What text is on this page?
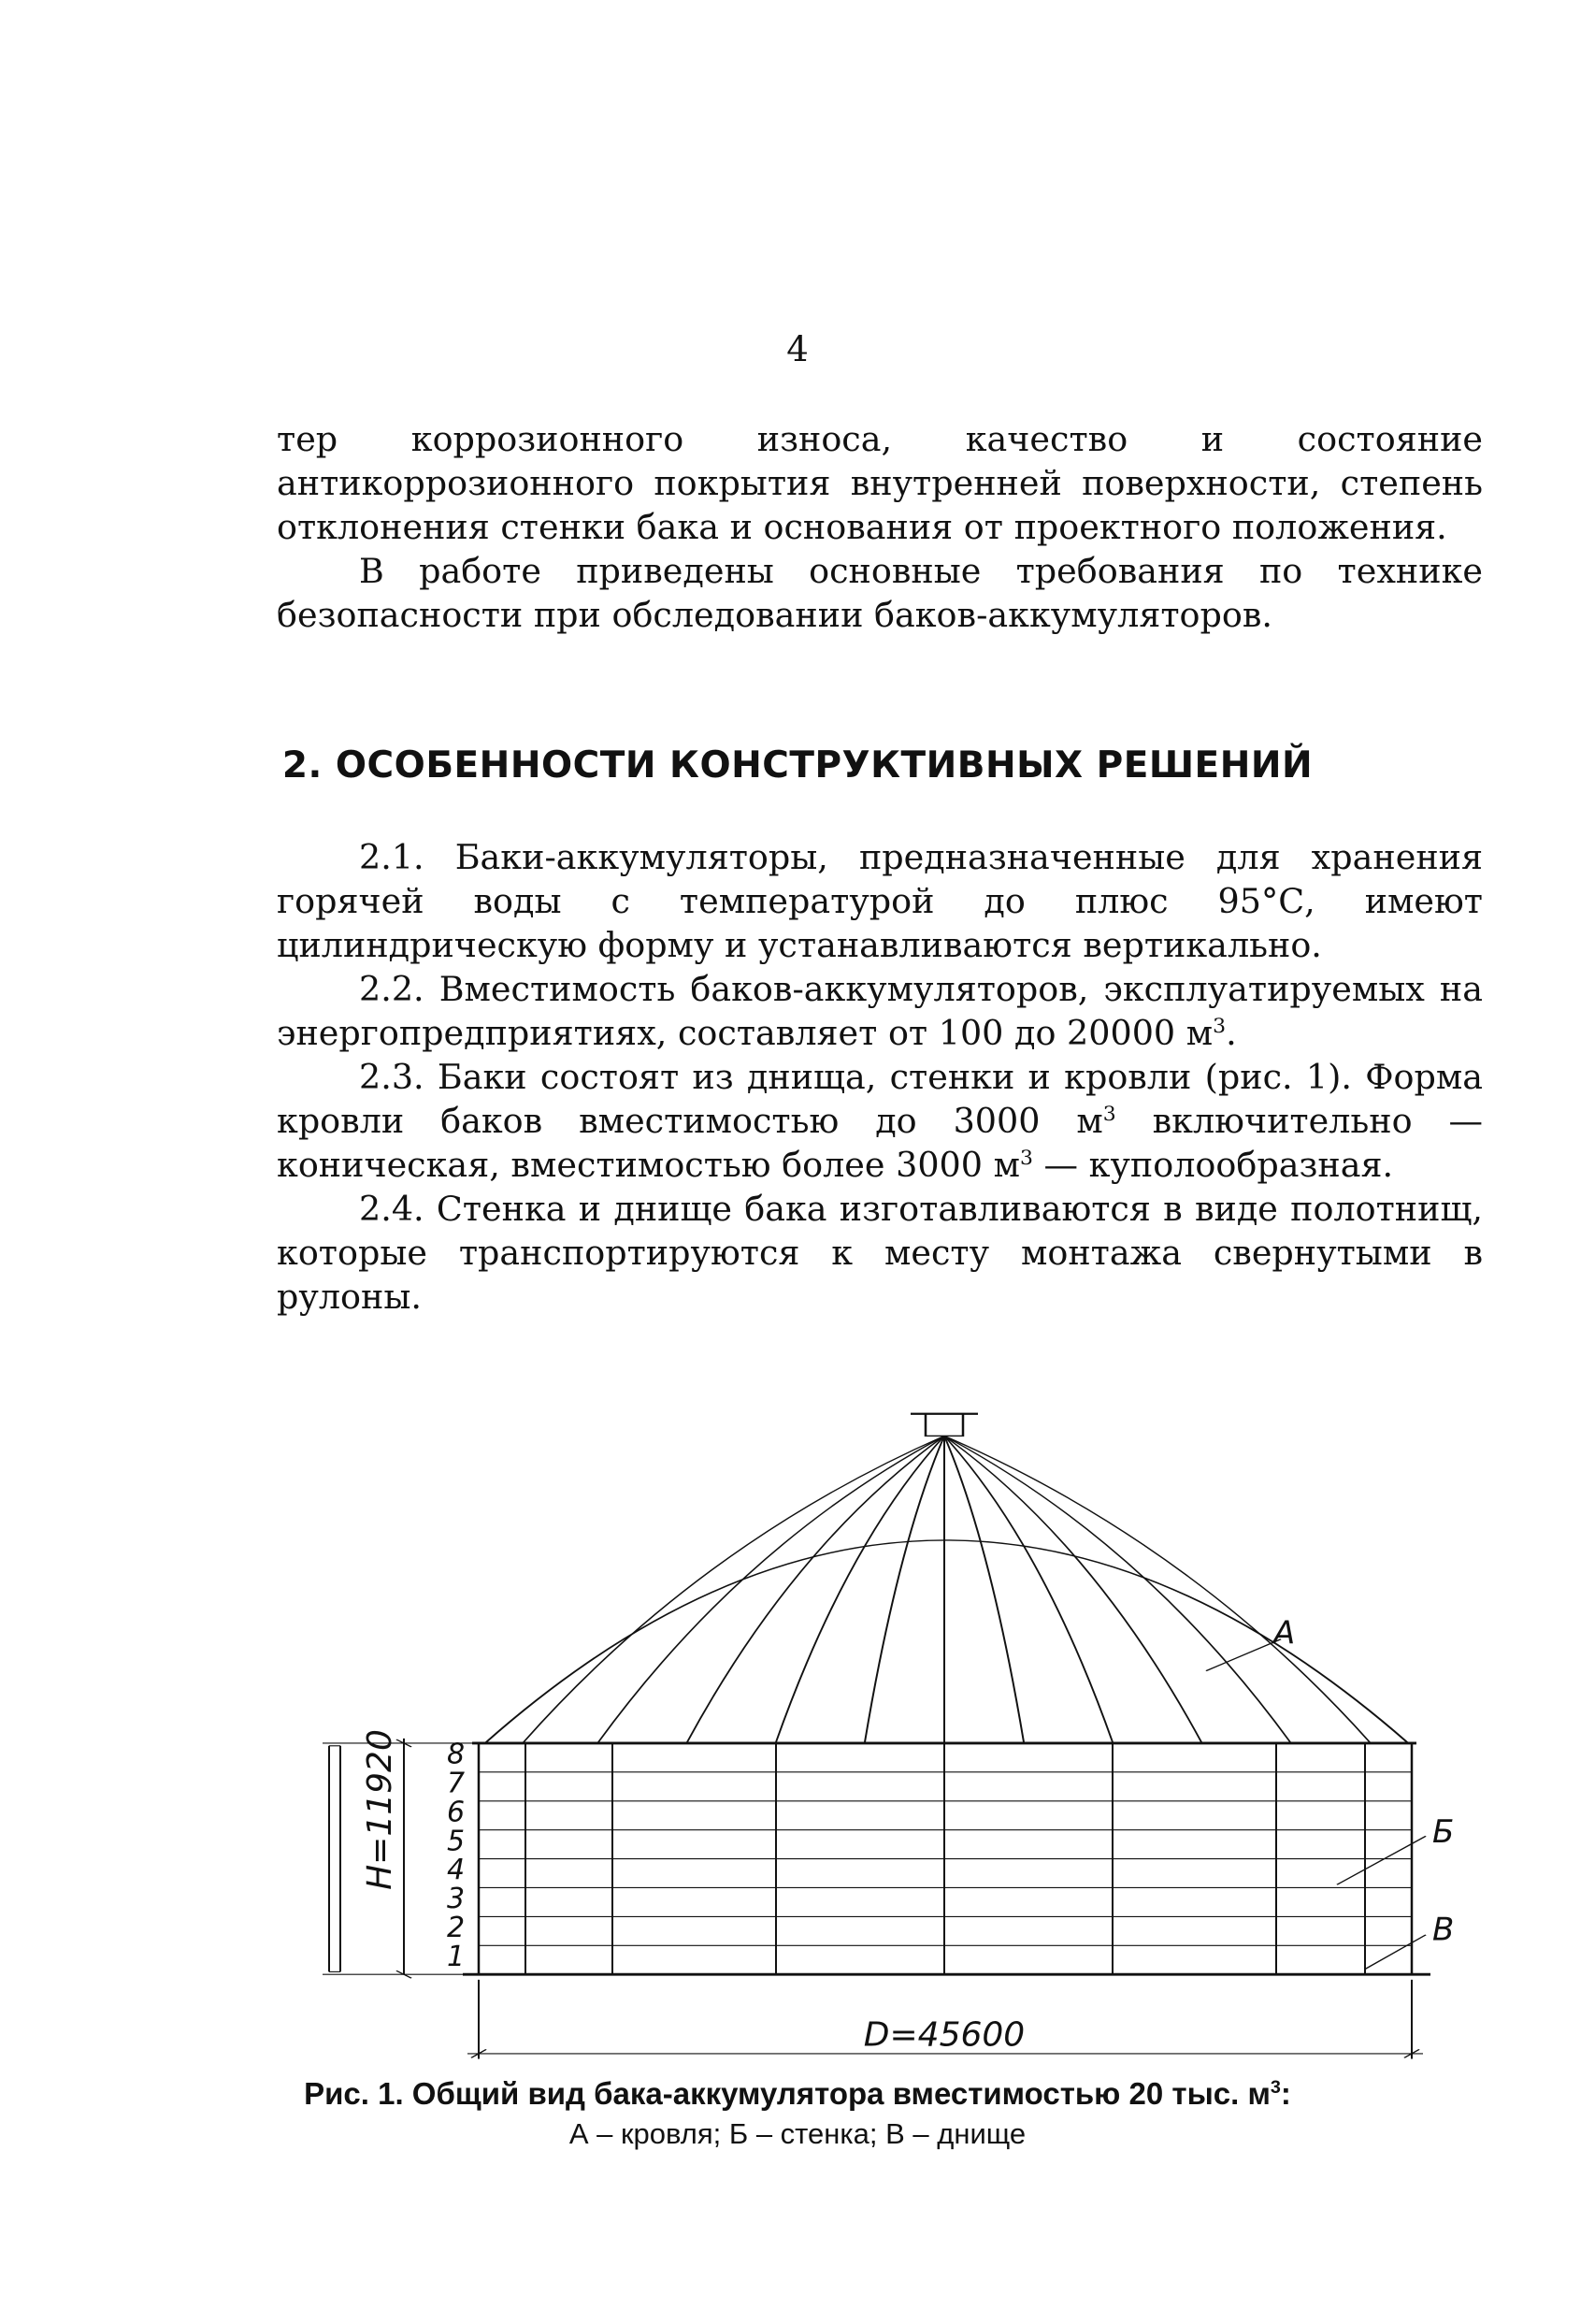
4

тер коррозионного износа, качество и состояние антикоррозионного покрытия внутренней поверхности, степень отклонения стенки бака и основания от проектного положения.

В работе приведены основные требования по технике безопасности при обследовании баков-аккумуляторов.

2. ОСОБЕННОСТИ КОНСТРУКТИВНЫХ РЕШЕНИЙ

2.1. Баки-аккумуляторы, предназначенные для хранения горячей воды с температурой до плюс 95°С, имеют цилиндрическую форму и устанавливаются вертикально.

2.2. Вместимость баков-аккумуляторов, эксплуатируемых на энергопредприятиях, составляет от 100 до 20000 $м^3$.

2.3. Баки состоят из днища, стенки и кровли (рис. 1). Форма кровли баков вместимостью до 3000 $м^3$ включительно — коническая, вместимостью более 3000 $м^3$ — куполообразная.

2.4. Стенка и днище бака изготавливаются в виде полотнищ, которые транспортируются к месту монтажа свернутыми в рулоны.

А
Б
В
H=11920
D=45600
8
7
6
5
4
3
2
1
Рис. 1. Общий вид бака-аккумулятора вместимостью 20 тыс. $м^3$:
А – кровля; Б – стенка; В – днище
